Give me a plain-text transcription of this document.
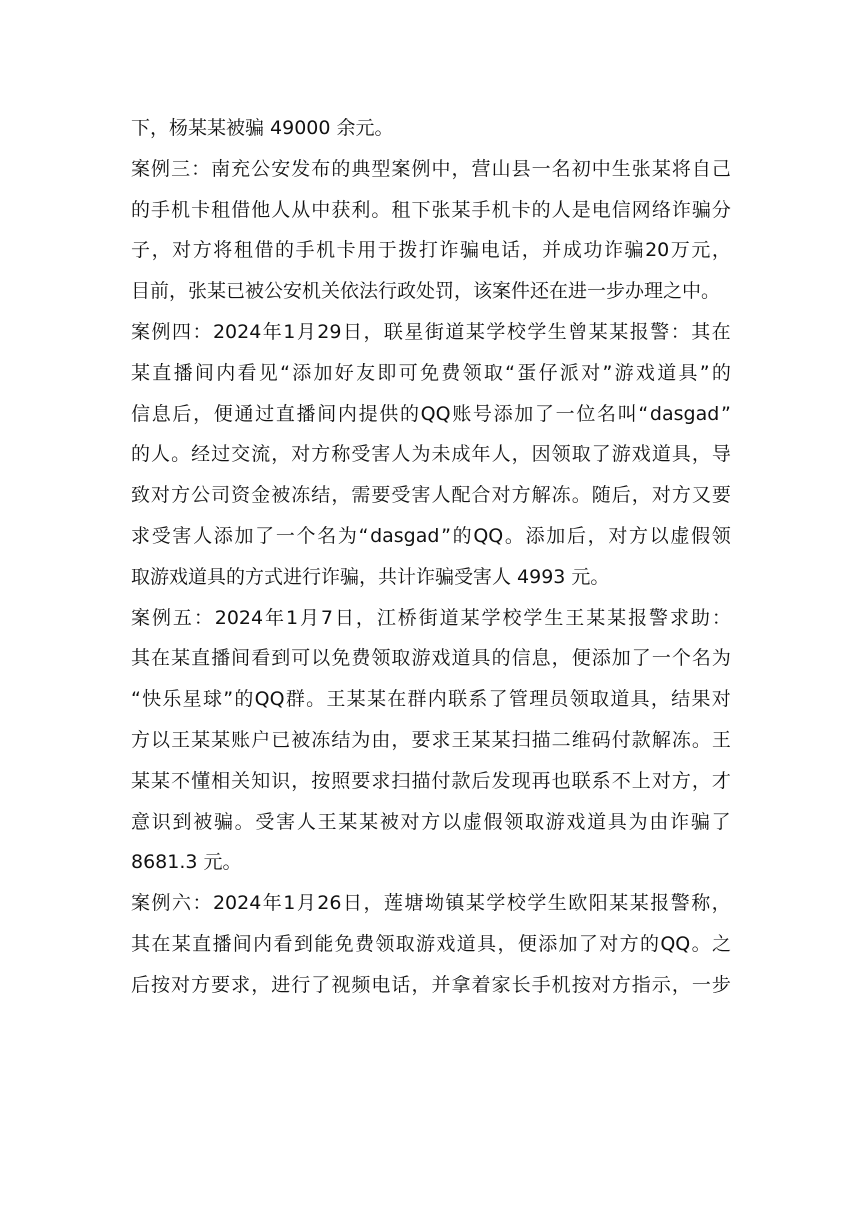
下，杨某某被骗 49000 余元。
案 例 三 ： 南 充 公 安 发 布 的 典 型 案 例 中 ， 营 山 县 一 名 初 中 生 张 某 将 自 己
的 手 机 卡 租 借 他 人 从 中 获 利 。 租 下 张 某 手 机 卡 的 人 是 电 信 网 络 诈 骗 分
子 ， 对 方 将 租 借 的 手 机 卡 用 于 拨 打 诈 骗 电 话 ， 并 成 功 诈 骗 20 万 元 ，
目前，张某已被公安机关依法行政处罚，该案件还在进一步办理之中。
案 例 四 ： 2024 年 1 月 29 日 ， 联 星 街 道 某 学 校 学 生 曾 某 某 报 警 ： 其 在
某 直 播 间 内 看 见 “ 添 加 好 友 即 可 免 费 领 取 “ 蛋 仔 派 对 ” 游 戏 道 具 ” 的
信 息 后 ， 便 通 过 直 播 间 内 提 供 的 QQ 账 号 添 加 了 一 位 名 叫 “ dasgad ”
的 人 。 经 过 交 流 ， 对 方 称 受 害 人 为 未 成 年 人 ， 因 领 取 了 游 戏 道 具 ， 导
致 对 方 公 司 资 金 被 冻 结 ， 需 要 受 害 人 配 合 对 方 解 冻 。 随 后 ， 对 方 又 要
求 受 害 人 添 加 了 一 个 名 为 “ dasgad ” 的 QQ 。 添 加 后 ， 对 方 以 虚 假 领
取游戏道具的方式进行诈骗，共计诈骗受害人 4993 元。
案 例 五 ： 2024 年 1 月 7 日 ， 江 桥 街 道 某 学 校 学 生 王 某 某 报 警 求 助 ：
其 在 某 直 播 间 看 到 可 以 免 费 领 取 游 戏 道 具 的 信 息 ， 便 添 加 了 一 个 名 为
“ 快 乐 星 球 ” 的 QQ 群 。 王 某 某 在 群 内 联 系 了 管 理 员 领 取 道 具 ， 结 果 对
方 以 王 某 某 账 户 已 被 冻 结 为 由 ， 要 求 王 某 某 扫 描 二 维 码 付 款 解 冻 。 王
某 某 不 懂 相 关 知 识 ， 按 照 要 求 扫 描 付 款 后 发 现 再 也 联 系 不 上 对 方 ， 才
意 识 到 被 骗 。 受 害 人 王 某 某 被 对 方 以 虚 假 领 取 游 戏 道 具 为 由 诈 骗 了
8681.3 元。
案 例 六 ： 2024 年 1 月 26 日 ， 莲 塘 坳 镇 某 学 校 学 生 欧 阳 某 某 报 警 称 ，
其 在 某 直 播 间 内 看 到 能 免 费 领 取 游 戏 道 具 ， 便 添 加 了 对 方 的 QQ 。 之
后 按 对 方 要 求 ， 进 行 了 视 频 电 话 ， 并 拿 着 家 长 手 机 按 对 方 指 示 ， 一 步
